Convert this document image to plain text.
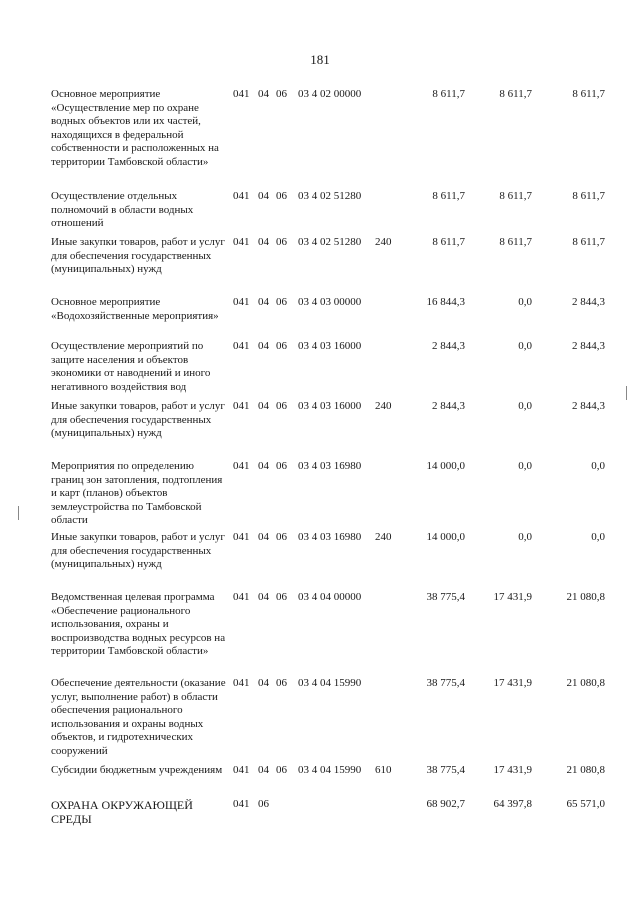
181
Основное мероприятие «Осуществление мер по охране водных объектов или их частей, находящихся в федеральной собственности и расположенных на территории Тамбовской области»
041 04 06 03 4 02 00000	8 611,7	8 611,7	8 611,7
Осуществление отдельных полномочий в области водных отношений
041 04 06 03 4 02 51280	8 611,7	8 611,7	8 611,7
Иные закупки товаров, работ и услуг для обеспечения государственных (муниципальных) нужд
041 04 06 03 4 02 51280 240	8 611,7	8 611,7	8 611,7
Основное мероприятие «Водохозяйственные мероприятия»
041 04 06 03 4 03 00000	16 844,3	0,0	2 844,3
Осуществление мероприятий по защите населения и объектов экономики от наводнений и иного негативного воздействия вод
041 04 06 03 4 03 16000	2 844,3	0,0	2 844,3
Иные закупки товаров, работ и услуг для обеспечения государственных (муниципальных) нужд
041 04 06 03 4 03 16000 240	2 844,3	0,0	2 844,3
Мероприятия по определению границ зон затопления, подтопления и карт (планов) объектов землеустройства по Тамбовской области
041 04 06 03 4 03 16980	14 000,0	0,0	0,0
Иные закупки товаров, работ и услуг для обеспечения государственных (муниципальных) нужд
041 04 06 03 4 03 16980 240	14 000,0	0,0	0,0
Ведомственная целевая программа «Обеспечение рационального использования, охраны и воспроизводства водных ресурсов на территории Тамбовской области»
041 04 06 03 4 04 00000	38 775,4	17 431,9	21 080,8
Обеспечение деятельности (оказание услуг, выполнение работ) в области обеспечения рационального использования и охраны водных объектов, и гидротехнических сооружений
041 04 06 03 4 04 15990	38 775,4	17 431,9	21 080,8
Субсидии бюджетным учреждениям 041 04 06 03 4 04 15990 610	38 775,4	17 431,9	21 080,8
ОХРАНА ОКРУЖАЮЩЕЙ СРЕДЫ
041 06	68 902,7	64 397,8	65 571,0
